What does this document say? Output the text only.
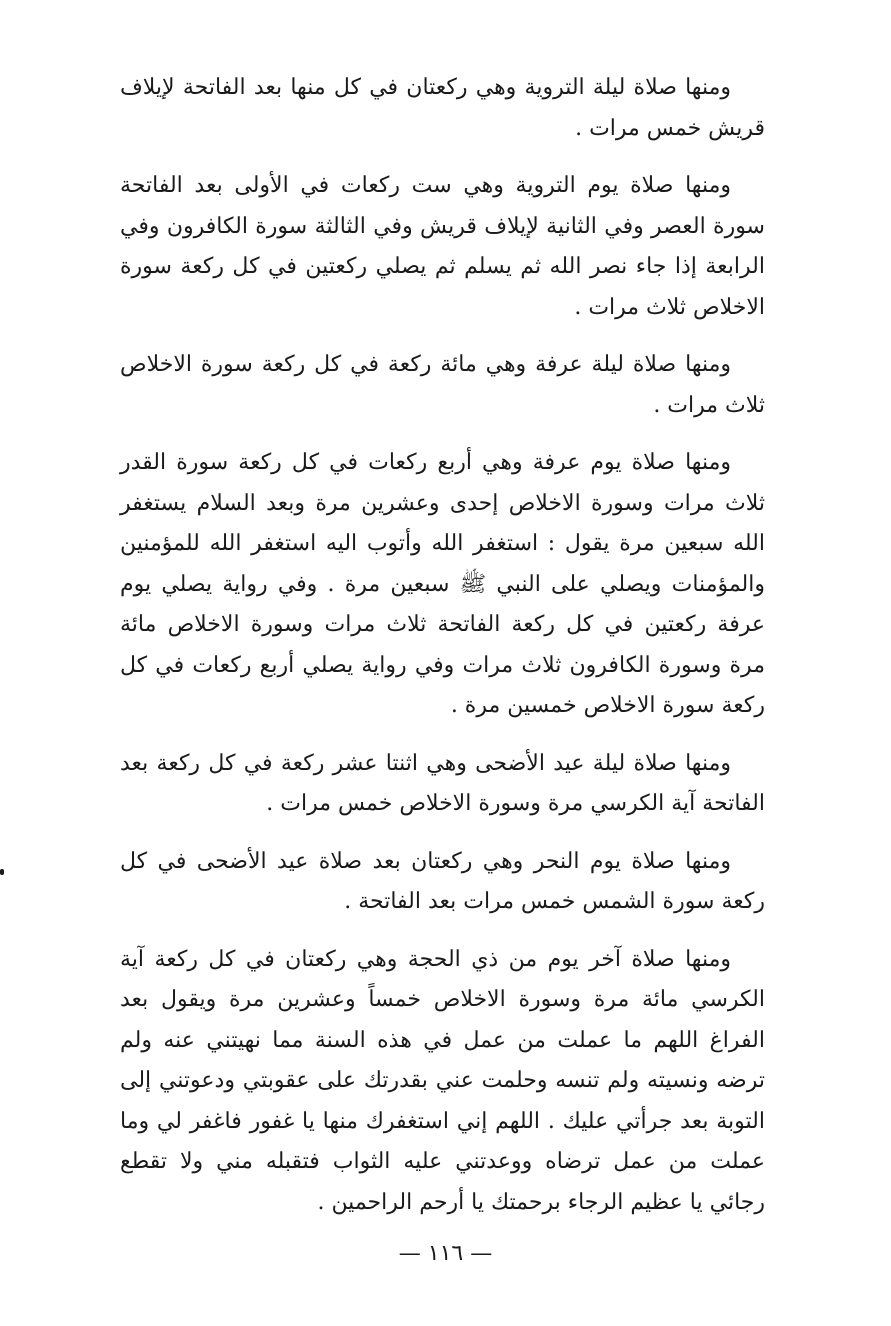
ومنها صلاة ليلة التروية وهي ركعتان في كل منها بعد الفاتحة لإيلاف قريش خمس مرات .

ومنها صلاة يوم التروية وهي ست ركعات في الأولى بعد الفاتحة سورة العصر وفي الثانية لإيلاف قريش وفي الثالثة سورة الكافرون وفي الرابعة إذا جاء نصر الله ثم يسلم ثم يصلي ركعتين في كل ركعة سورة الاخلاص ثلاث مرات .

ومنها صلاة ليلة عرفة وهي مائة ركعة في كل ركعة سورة الاخلاص ثلاث مرات .

ومنها صلاة يوم عرفة وهي أربع ركعات في كل ركعة سورة القدر ثلاث مرات وسورة الاخلاص إحدى وعشرين مرة وبعد السلام يستغفر الله سبعين مرة يقول : استغفر الله وأتوب اليه استغفر الله للمؤمنين والمؤمنات ويصلي على النبي ﷺ سبعين مرة . وفي رواية يصلي يوم عرفة ركعتين في كل ركعة الفاتحة ثلاث مرات وسورة الاخلاص مائة مرة وسورة الكافرون ثلاث مرات وفي رواية يصلي أربع ركعات في كل ركعة سورة الاخلاص خمسين مرة .

ومنها صلاة ليلة عيد الأضحى وهي اثنتا عشر ركعة في كل ركعة بعد الفاتحة آية الكرسي مرة وسورة الاخلاص خمس مرات .

ومنها صلاة يوم النحر وهي ركعتان بعد صلاة عيد الأضحى في كل ركعة سورة الشمس خمس مرات بعد الفاتحة .

ومنها صلاة آخر يوم من ذي الحجة وهي ركعتان في كل ركعة آية الكرسي مائة مرة وسورة الاخلاص خمساً وعشرين مرة ويقول بعد الفراغ اللهم ما عملت من عمل في هذه السنة مما نهيتني عنه ولم ترضه ونسيته ولم تنسه وحلمت عني بقدرتك على عقوبتي ودعوتني إلى التوبة بعد جرأتي عليك . اللهم إني استغفرك منها يا غفور فاغفر لي وما عملت من عمل ترضاه ووعدتني عليه الثواب فتقبله مني ولا تقطع رجائي يا عظيم الرجاء برحمتك يا أرحم الراحمين .

— ١١٦ —
